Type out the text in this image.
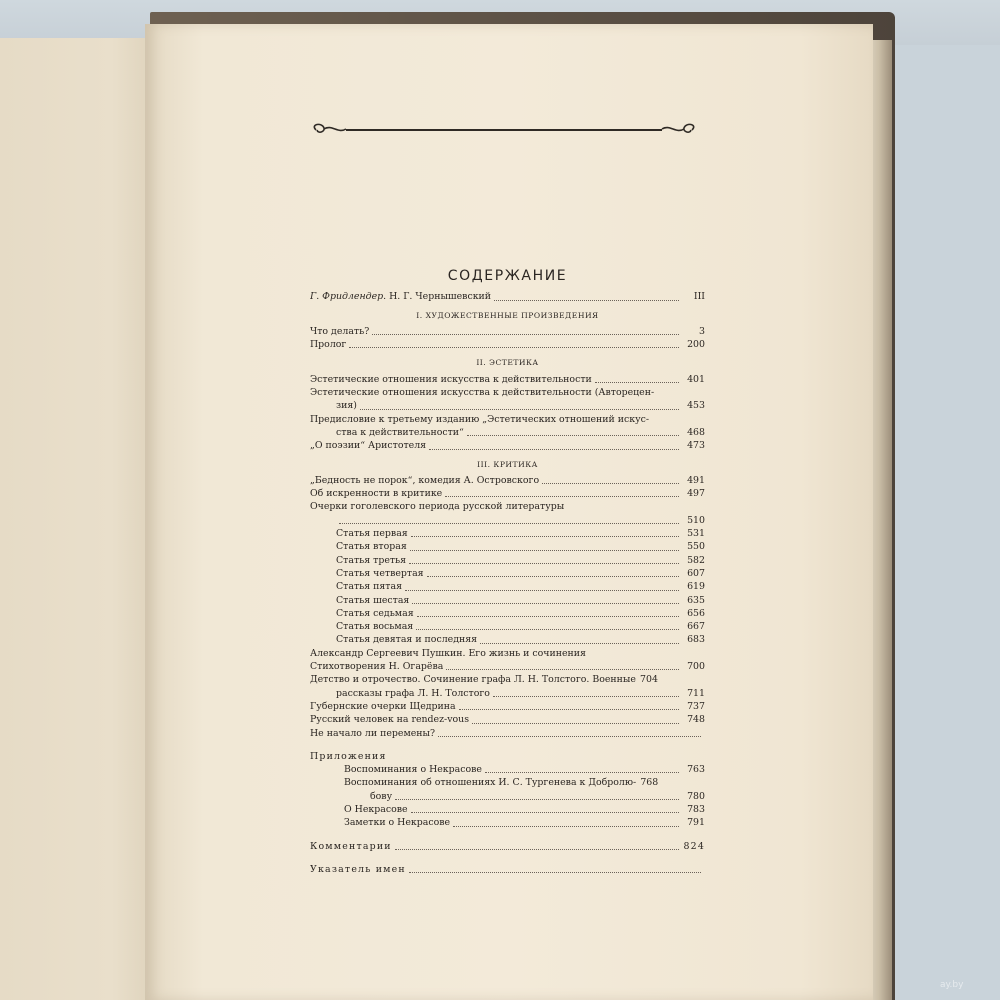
СОДЕРЖАНИЕ
Г. Фридлендер. Н. Г. Чернышевский	III
I. ХУДОЖЕСТВЕННЫЕ ПРОИЗВЕДЕНИЯ
Что делать?	3
Пролог	200
II. ЭСТЕТИКА
Эстетические отношения искусства к действительности	401
Эстетические отношения искусства к действительности (Авторецен-
зия)	453
Предисловие к третьему изданию „Эстетических отношений искус-
ства к действительности“	468
„О поэзии“ Аристотеля	473
III. КРИТИКА
„Бедность не порок“, комедия А. Островского	491
Об искренности в критике	497
Очерки гоголевского периода русской литературы
510
Статья первая	531
Статья вторая	550
Статья третья	582
Статья четвертая	607
Статья пятая	619
Статья шестая	635
Статья седьмая	656
Статья восьмая	667
Статья девятая и последняя	683
Александр Сергеевич Пушкин. Его жизнь и сочинения
Стихотворения Н. Огарёва	700
Детство и отрочество. Сочинение графа Л. Н. Толстого. Военные 704
рассказы графа Л. Н. Толстого	711
Губернские очерки Щедрина	737
Русский человек на rendez-vous	748
Не начало ли перемены?
Приложения
Воспоминания о Некрасове	763
Воспоминания об отношениях И. С. Тургенева к Добролю- 768
бову	780
О Некрасове	783
Заметки о Некрасове	791
Комментарии	824
Указатель имен
ay.by
